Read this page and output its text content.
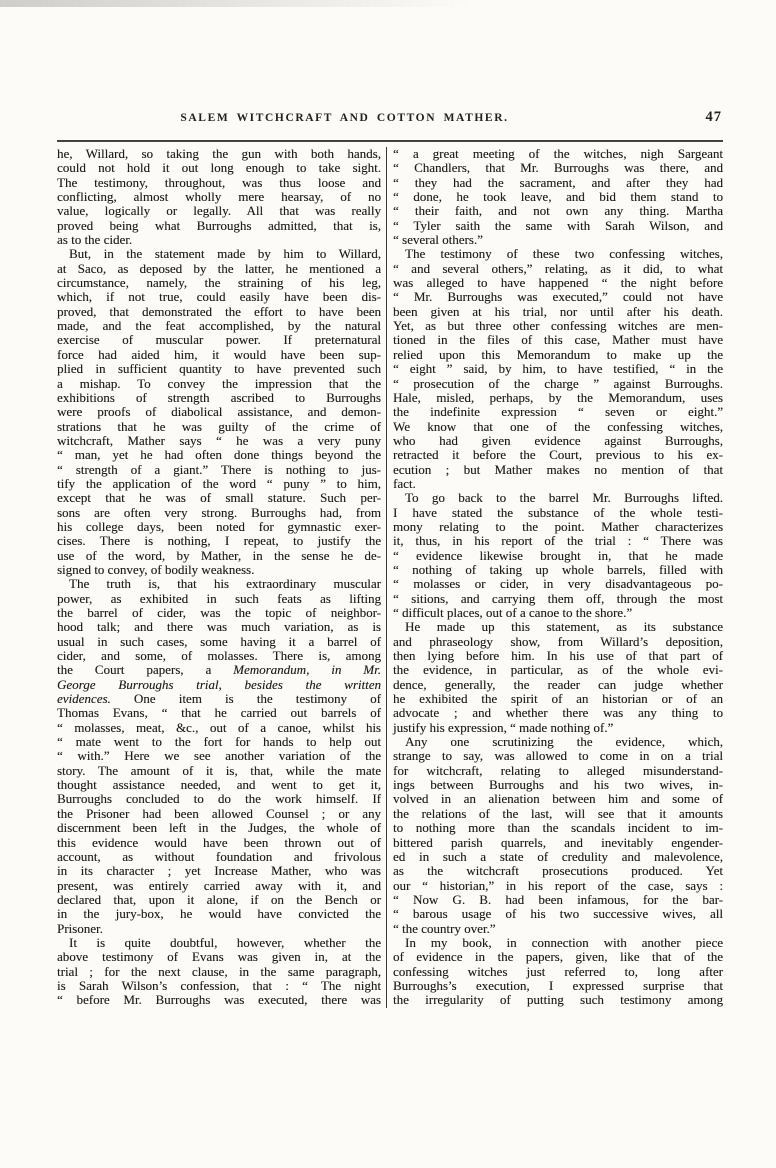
SALEM WITCHCRAFT AND COTTON MATHER.	47
he, Willard, so taking the gun with both hands,
could not hold it out long enough to take sight.
The testimony, throughout, was thus loose and
conflicting, almost wholly mere hearsay, of no
value, logically or legally. All that was really
proved being what Burroughs admitted, that is,
as to the cider.
But, in the statement made by him to Willard,
at Saco, as deposed by the latter, he mentioned a
circumstance, namely, the straining of his leg,
which, if not true, could easily have been dis-
proved, that demonstrated the effort to have been
made, and the feat accomplished, by the natural
exercise of muscular power. If preternatural
force had aided him, it would have been sup-
plied in sufficient quantity to have prevented such
a mishap. To convey the impression that the
exhibitions of strength ascribed to Burroughs
were proofs of diabolical assistance, and demon-
strations that he was guilty of the crime of
witchcraft, Mather says “ he was a very puny
“ man, yet he had often done things beyond the
“ strength of a giant.” There is nothing to jus-
tify the application of the word “ puny ” to him,
except that he was of small stature. Such per-
sons are often very strong. Burroughs had, from
his college days, been noted for gymnastic exer-
cises. There is nothing, I repeat, to justify the
use of the word, by Mather, in the sense he de-
signed to convey, of bodily weakness.
The truth is, that his extraordinary muscular
power, as exhibited in such feats as lifting
the barrel of cider, was the topic of neighbor-
hood talk; and there was much variation, as is
usual in such cases, some having it a barrel of
cider, and some, of molasses. There is, among
the Court papers, a Memorandum, in Mr.
George Burroughs trial, besides the written
evidences. One item is the testimony of
Thomas Evans, “ that he carried out barrels of
“ molasses, meat, &c., out of a canoe, whilst his
“ mate went to the fort for hands to help out
“ with.” Here we see another variation of the
story. The amount of it is, that, while the mate
thought assistance needed, and went to get it,
Burroughs concluded to do the work himself. If
the Prisoner had been allowed Counsel ; or any
discernment been left in the Judges, the whole of
this evidence would have been thrown out of
account, as without foundation and frivolous
in its character ; yet Increase Mather, who was
present, was entirely carried away with it, and
declared that, upon it alone, if on the Bench or
in the jury-box, he would have convicted the
Prisoner.
It is quite doubtful, however, whether the
above testimony of Evans was given in, at the
trial ; for the next clause, in the same paragraph,
is Sarah Wilson’s confession, that : “ The night
“ before Mr. Burroughs was executed, there was
“ a great meeting of the witches, nigh Sargeant
“ Chandlers, that Mr. Burroughs was there, and
“ they had the sacrament, and after they had
“ done, he took leave, and bid them stand to
“ their faith, and not own any thing. Martha
“ Tyler saith the same with Sarah Wilson, and
“ several others.”
The testimony of these two confessing witches,
“ and several others,” relating, as it did, to what
was alleged to have happened “ the night before
“ Mr. Burroughs was executed,” could not have
been given at his trial, nor until after his death.
Yet, as but three other confessing witches are men-
tioned in the files of this case, Mather must have
relied upon this Memorandum to make up the
“ eight ” said, by him, to have testified, “ in the
“ prosecution of the charge ” against Burroughs.
Hale, misled, perhaps, by the Memorandum, uses
the indefinite expression “ seven or eight.”
We know that one of the confessing witches,
who had given evidence against Burroughs,
retracted it before the Court, previous to his ex-
ecution ; but Mather makes no mention of that
fact.
To go back to the barrel Mr. Burroughs lifted.
I have stated the substance of the whole testi-
mony relating to the point. Mather characterizes
it, thus, in his report of the trial : “ There was
“ evidence likewise brought in, that he made
“ nothing of taking up whole barrels, filled with
“ molasses or cider, in very disadvantageous po-
“ sitions, and carrying them off, through the most
“ difficult places, out of a canoe to the shore.”
He made up this statement, as its substance
and phraseology show, from Willard’s deposition,
then lying before him. In his use of that part of
the evidence, in particular, as of the whole evi-
dence, generally, the reader can judge whether
he exhibited the spirit of an historian or of an
advocate ; and whether there was any thing to
justify his expression, “ made nothing of.”
Any one scrutinizing the evidence, which,
strange to say, was allowed to come in on a trial
for witchcraft, relating to alleged misunderstand-
ings between Burroughs and his two wives, in-
volved in an alienation between him and some of
the relations of the last, will see that it amounts
to nothing more than the scandals incident to im-
bittered parish quarrels, and inevitably engender-
ed in such a state of credulity and malevolence,
as the witchcraft prosecutions produced. Yet
our “ historian,” in his report of the case, says :
“ Now G. B. had been infamous, for the bar-
“ barous usage of his two successive wives, all
“ the country over.”
In my book, in connection with another piece
of evidence in the papers, given, like that of the
confessing witches just referred to, long after
Burroughs’s execution, I expressed surprise that
the irregularity of putting such testimony among
